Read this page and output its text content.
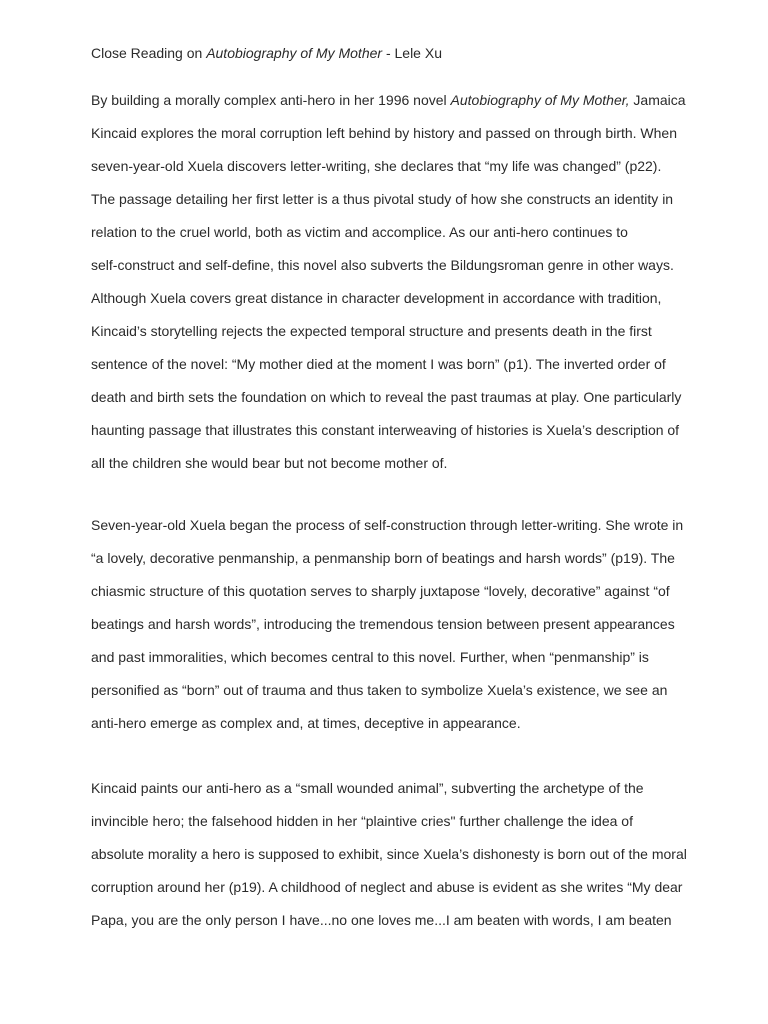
Close Reading on Autobiography of My Mother - Lele Xu
By building a morally complex anti-hero in her 1996 novel Autobiography of My Mother, Jamaica
Kincaid explores the moral corruption left behind by history and passed on through birth. When
seven-year-old Xuela discovers letter-writing, she declares that “my life was changed” (p22).
The passage detailing her first letter is a thus pivotal study of how she constructs an identity in
relation to the cruel world, both as victim and accomplice. As our anti-hero continues to
self-construct and self-define, this novel also subverts the Bildungsroman genre in other ways.
Although Xuela covers great distance in character development in accordance with tradition,
Kincaid’s storytelling rejects the expected temporal structure and presents death in the first
sentence of the novel: “My mother died at the moment I was born” (p1). The inverted order of
death and birth sets the foundation on which to reveal the past traumas at play. One particularly
haunting passage that illustrates this constant interweaving of histories is Xuela’s description of
all the children she would bear but not become mother of.
Seven-year-old Xuela began the process of self-construction through letter-writing. She wrote in
“a lovely, decorative penmanship, a penmanship born of beatings and harsh words” (p19). The
chiasmic structure of this quotation serves to sharply juxtapose “lovely, decorative” against “of
beatings and harsh words”, introducing the tremendous tension between present appearances
and past immoralities, which becomes central to this novel. Further, when “penmanship” is
personified as “born” out of trauma and thus taken to symbolize Xuela’s existence, we see an
anti-hero emerge as complex and, at times, deceptive in appearance.
Kincaid paints our anti-hero as a “small wounded animal”, subverting the archetype of the
invincible hero; the falsehood hidden in her “plaintive cries" further challenge the idea of
absolute morality a hero is supposed to exhibit, since Xuela’s dishonesty is born out of the moral
corruption around her (p19). A childhood of neglect and abuse is evident as she writes “My dear
Papa, you are the only person I have...no one loves me...I am beaten with words, I am beaten
